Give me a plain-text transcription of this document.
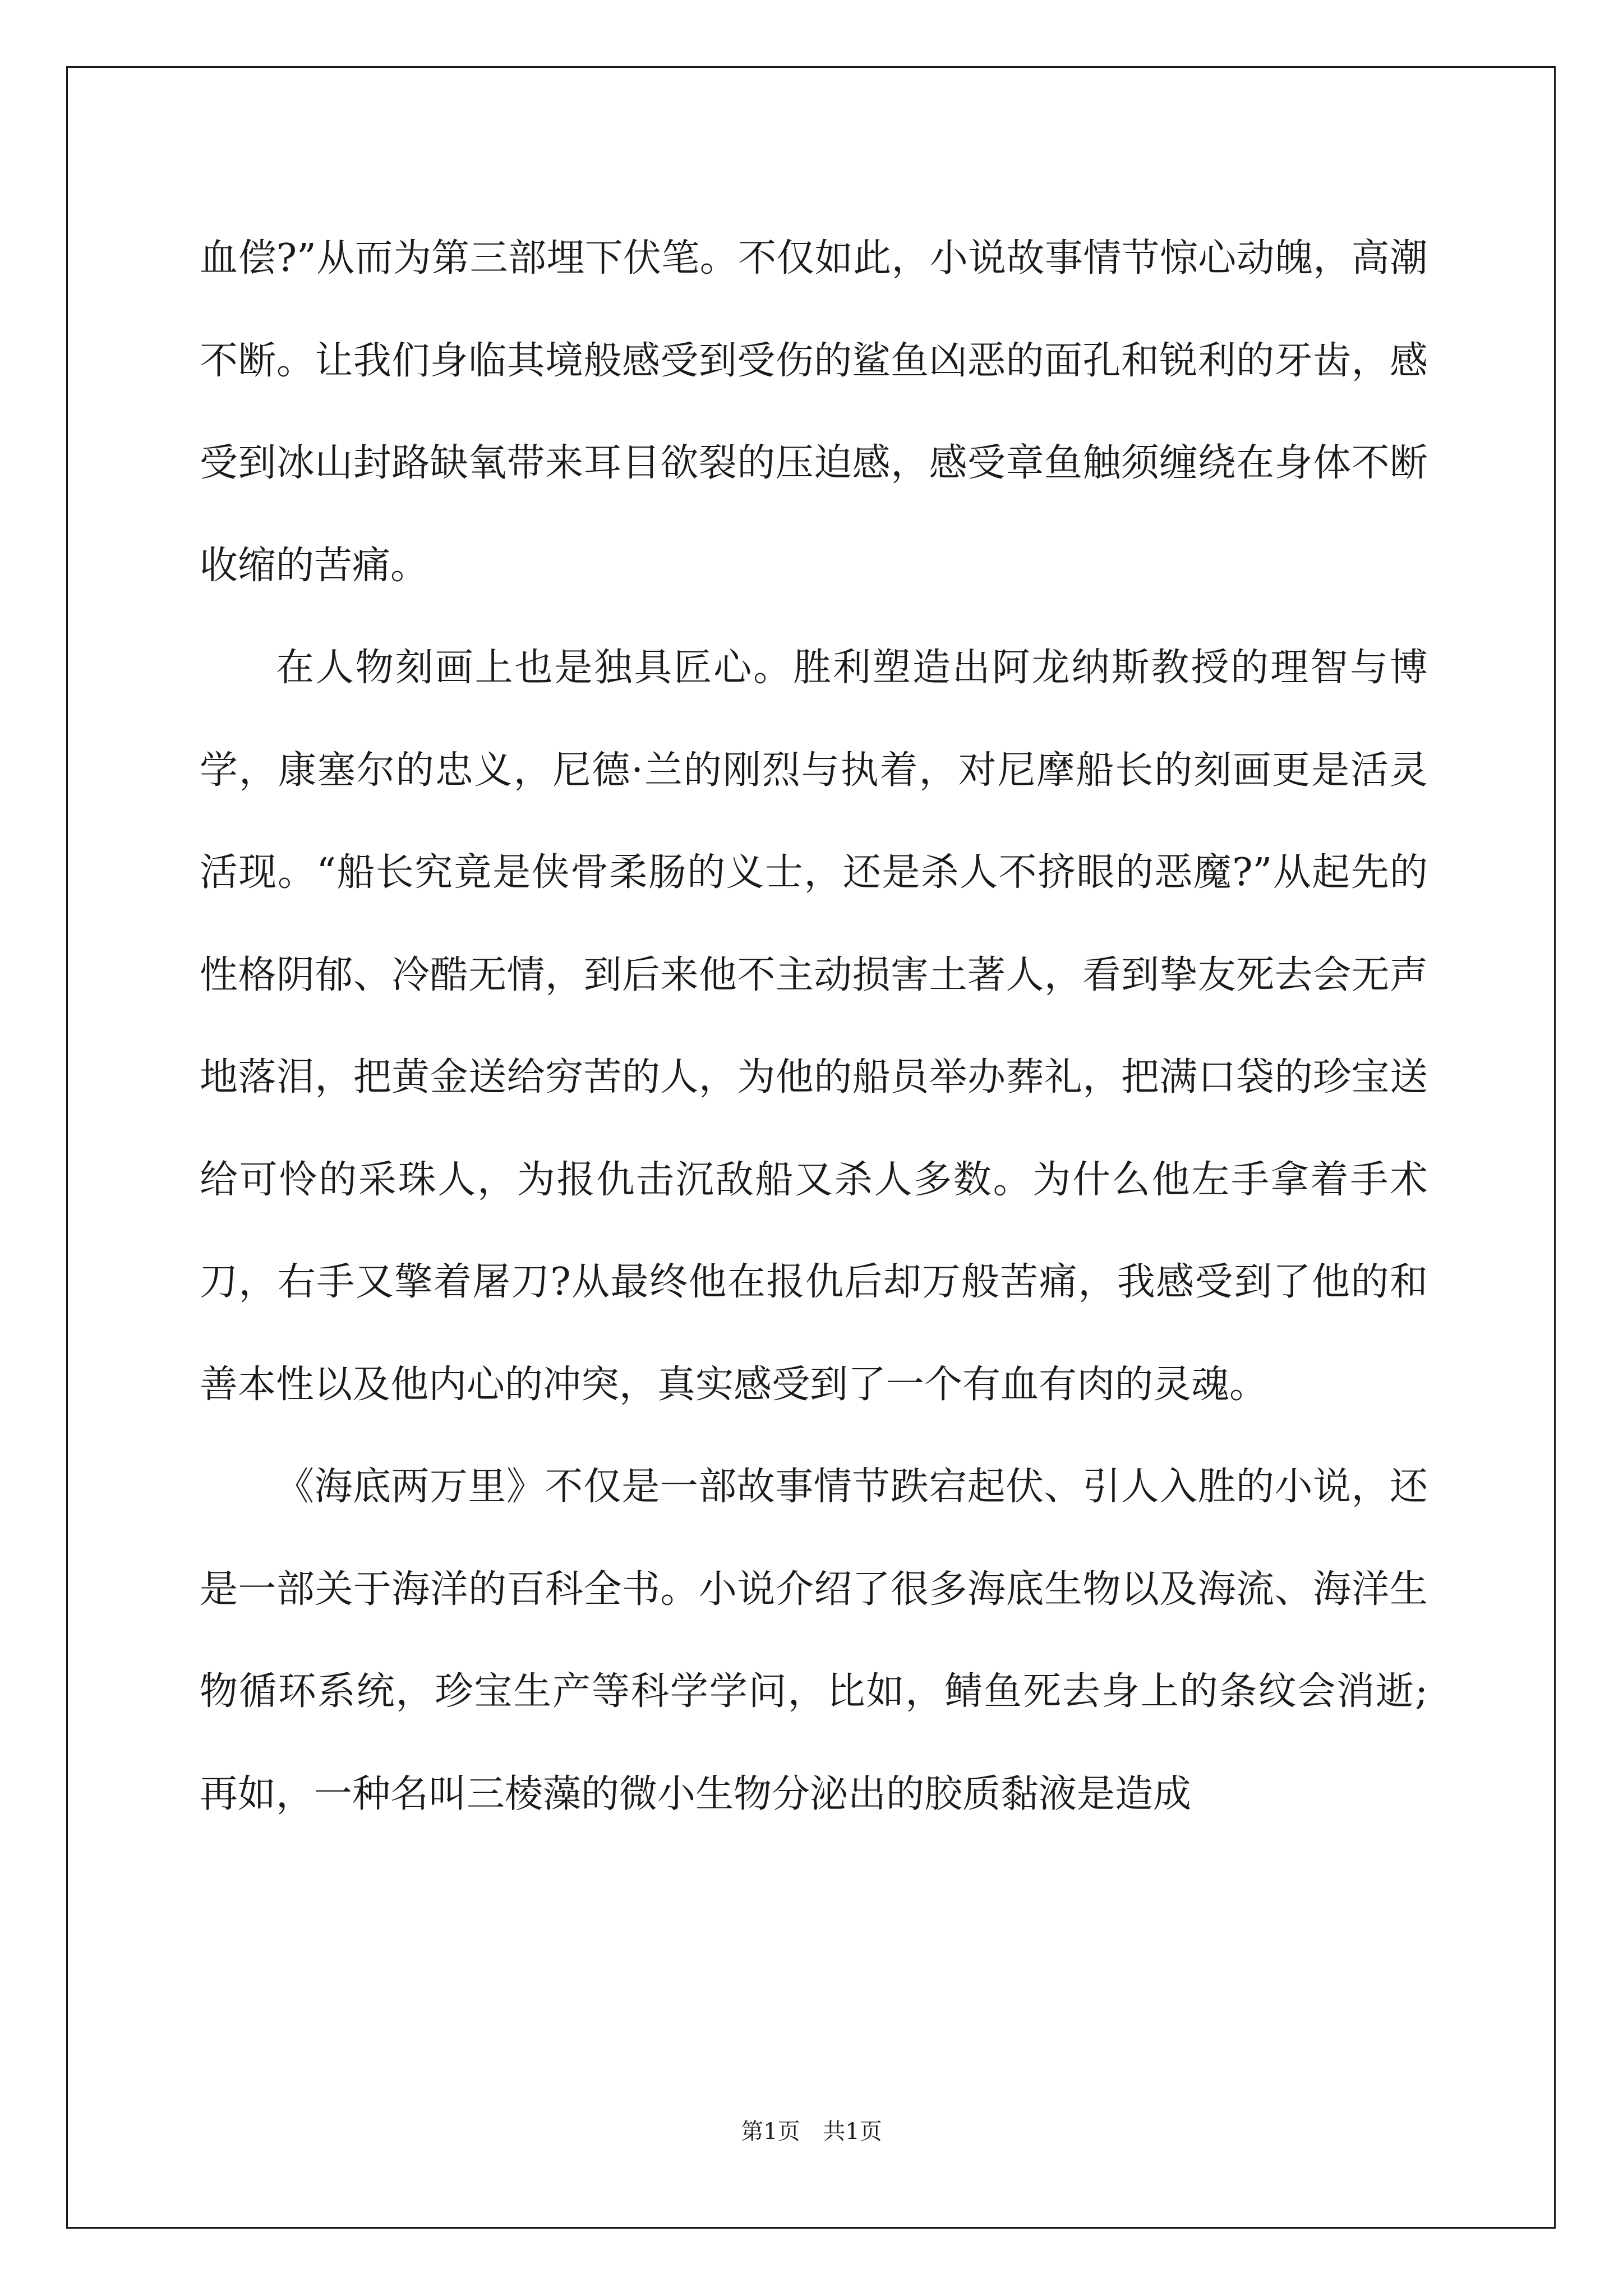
血偿?”从而为第三部埋下伏笔。不仅如此，小说故事情节惊心动魄，高潮不断。让我们身临其境般感受到受伤的鲨鱼凶恶的面孔和锐利的牙齿，感受到冰山封路缺氧带来耳目欲裂的压迫感，感受章鱼触须缠绕在身体不断收缩的苦痛。

在人物刻画上也是独具匠心。胜利塑造出阿龙纳斯教授的理智与博学，康塞尔的忠义，尼德·兰的刚烈与执着，对尼摩船长的刻画更是活灵活现。“船长究竟是侠骨柔肠的义士，还是杀人不挤眼的恶魔?”从起先的性格阴郁、冷酷无情，到后来他不主动损害土著人，看到挚友死去会无声地落泪，把黄金送给穷苦的人，为他的船员举办葬礼，把满口袋的珍宝送给可怜的采珠人，为报仇击沉敌船又杀人多数。为什么他左手拿着手术刀，右手又擎着屠刀?从最终他在报仇后却万般苦痛，我感受到了他的和善本性以及他内心的冲突，真实感受到了一个有血有肉的灵魂。

《海底两万里》不仅是一部故事情节跌宕起伏、引人入胜的小说，还是一部关于海洋的百科全书。小说介绍了很多海底生物以及海流、海洋生物循环系统，珍宝生产等科学学问，比如，鲭鱼死去身上的条纹会消逝;再如，一种名叫三棱藻的微小生物分泌出的胶质黏液是造成

第1页 共1页
